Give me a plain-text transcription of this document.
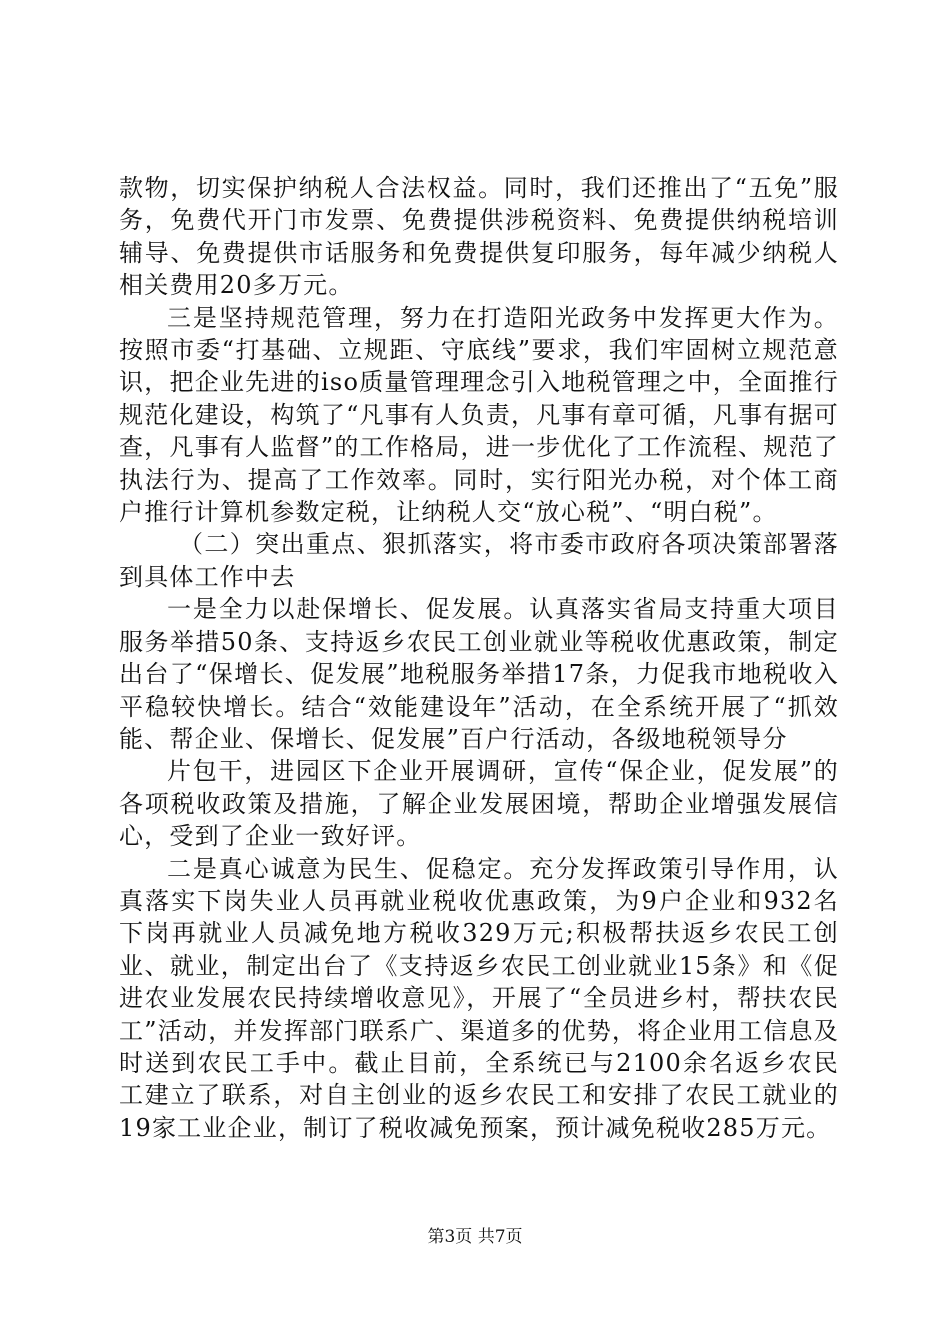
款物，切实保护纳税人合法权益。同时，我们还推出了“五免”服务，免费代开门市发票、免费提供涉税资料、免费提供纳税培训辅导、免费提供市话服务和免费提供复印服务，每年减少纳税人相关费用20多万元。

三是坚持规范管理，努力在打造阳光政务中发挥更大作为。按照市委“打基础、立规距、守底线”要求，我们牢固树立规范意识，把企业先进的iso质量管理理念引入地税管理之中，全面推行规范化建设，构筑了“凡事有人负责，凡事有章可循，凡事有据可查，凡事有人监督”的工作格局，进一步优化了工作流程、规范了执法行为、提高了工作效率。同时，实行阳光办税，对个体工商户推行计算机参数定税，让纳税人交“放心税”、“明白税”。

（二）突出重点、狠抓落实，将市委市政府各项决策部署落到具体工作中去

一是全力以赴保增长、促发展。认真落实省局支持重大项目服务举措50条、支持返乡农民工创业就业等税收优惠政策，制定出台了“保增长、促发展”地税服务举措17条，力促我市地税收入平稳较快增长。结合“效能建设年”活动，在全系统开展了“抓效能、帮企业、保增长、促发展”百户行活动，各级地税领导分

片包干，进园区下企业开展调研，宣传“保企业，促发展”的各项税收政策及措施，了解企业发展困境，帮助企业增强发展信心，受到了企业一致好评。

二是真心诚意为民生、促稳定。充分发挥政策引导作用，认真落实下岗失业人员再就业税收优惠政策，为9户企业和932名下岗再就业人员减免地方税收329万元;积极帮扶返乡农民工创业、就业，制定出台了《支持返乡农民工创业就业15条》和《促进农业发展农民持续增收意见》，开展了“全员进乡村，帮扶农民工”活动，并发挥部门联系广、渠道多的优势，将企业用工信息及时送到农民工手中。截止目前，全系统已与2100余名返乡农民工建立了联系，对自主创业的返乡农民工和安排了农民工就业的19家工业企业，制订了税收减免预案，预计减免税收285万元。

第3页 共7页
